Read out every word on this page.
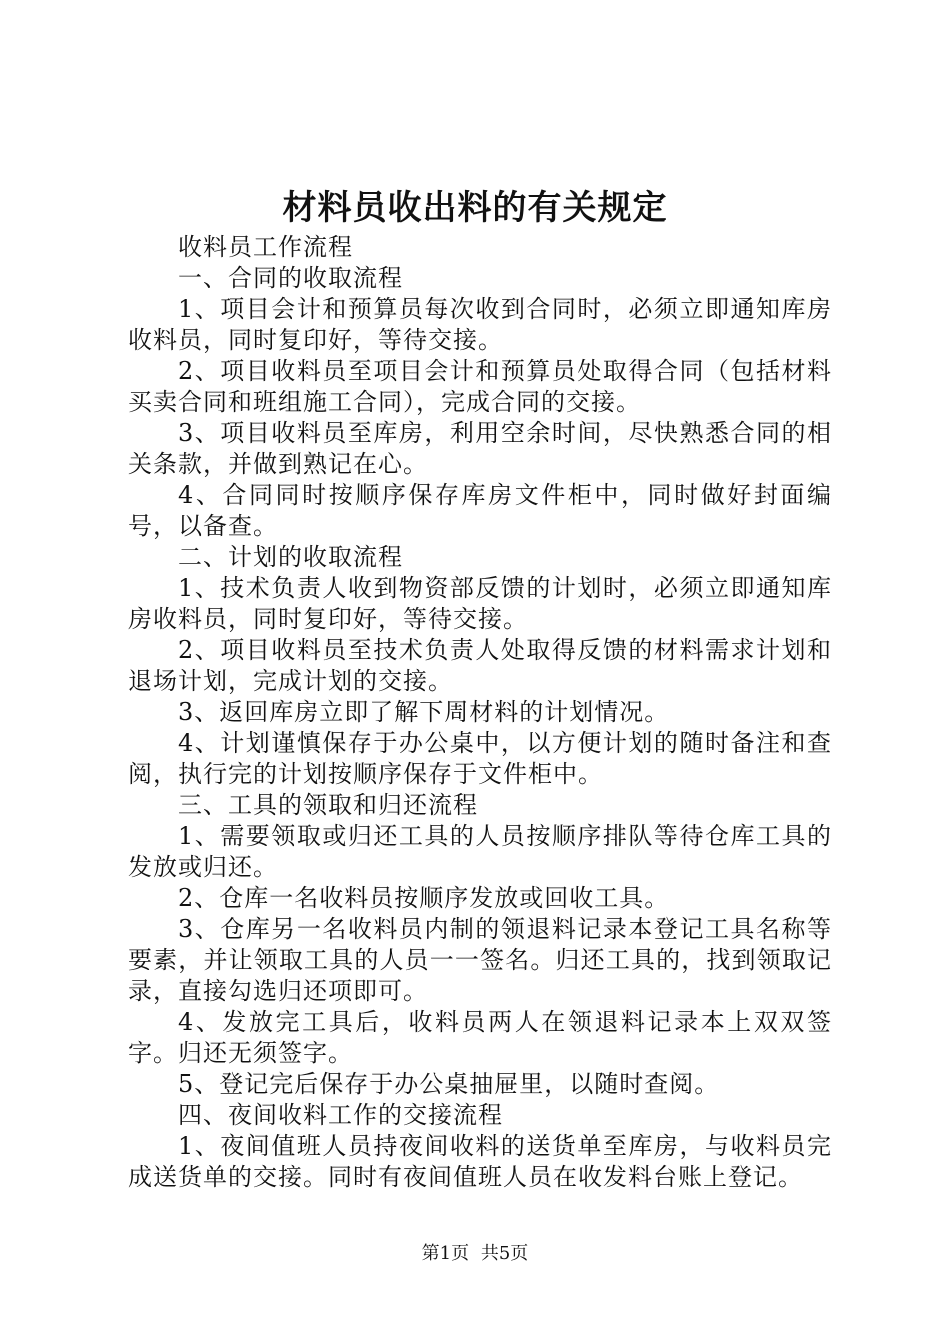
材料员收出料的有关规定

收料员工作流程

一、合同的收取流程

1、项目会计和预算员每次收到合同时，必须立即通知库房收料员，同时复印好，等待交接。

2、项目收料员至项目会计和预算员处取得合同（包括材料买卖合同和班组施工合同），完成合同的交接。

3、项目收料员至库房，利用空余时间，尽快熟悉合同的相关条款，并做到熟记在心。

4、合同同时按顺序保存库房文件柜中，同时做好封面编号，以备查。

二、计划的收取流程

1、技术负责人收到物资部反馈的计划时，必须立即通知库房收料员，同时复印好，等待交接。

2、项目收料员至技术负责人处取得反馈的材料需求计划和退场计划，完成计划的交接。

3、返回库房立即了解下周材料的计划情况。

4、计划谨慎保存于办公桌中，以方便计划的随时备注和查阅，执行完的计划按顺序保存于文件柜中。

三、工具的领取和归还流程

1、需要领取或归还工具的人员按顺序排队等待仓库工具的发放或归还。

2、仓库一名收料员按顺序发放或回收工具。

3、仓库另一名收料员内制的领退料记录本登记工具名称等要素，并让领取工具的人员一一签名。归还工具的，找到领取记录，直接勾选归还项即可。

4、发放完工具后，收料员两人在领退料记录本上双双签字。归还无须签字。

5、登记完后保存于办公桌抽屉里，以随时查阅。

四、夜间收料工作的交接流程

1、夜间值班人员持夜间收料的送货单至库房，与收料员完成送货单的交接。同时有夜间值班人员在收发料台账上登记。

第1页 共5页
